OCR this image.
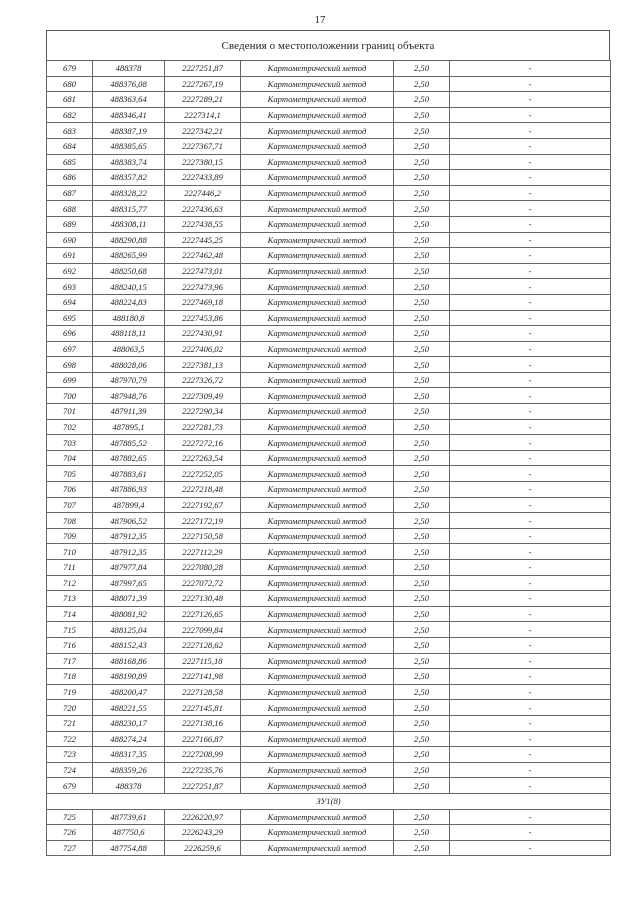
17
Сведения о местоположении границ объекта
679	488378	2227251,87	Картометрический метод	2,50	-
680	488376,08	2227267,19	Картометрический метод	2,50	-
681	488363,64	2227289,21	Картометрический метод	2,50	-
682	488346,41	2227314,1	Картометрический метод	2,50	-
683	488387,19	2227342,21	Картометрический метод	2,50	-
684	488385,65	2227367,71	Картометрический метод	2,50	-
685	488383,74	2227380,15	Картометрический метод	2,50	-
686	488357,82	2227433,89	Картометрический метод	2,50	-
687	488328,22	2227446,2	Картометрический метод	2,50	-
688	488315,77	2227436,63	Картометрический метод	2,50	-
689	488308,11	2227438,55	Картометрический метод	2,50	-
690	488290,88	2227445,25	Картометрический метод	2,50	-
691	488265,99	2227462,48	Картометрический метод	2,50	-
692	488250,68	2227473,01	Картометрический метод	2,50	-
693	488240,15	2227473,96	Картометрический метод	2,50	-
694	488224,83	2227469,18	Картометрический метод	2,50	-
695	488180,8	2227453,86	Картометрический метод	2,50	-
696	488118,11	2227430,91	Картометрический метод	2,50	-
697	488063,5	2227406,02	Картометрический метод	2,50	-
698	488028,06	2227381,13	Картометрический метод	2,50	-
699	487970,79	2227326,72	Картометрический метод	2,50	-
700	487948,76	2227309,49	Картометрический метод	2,50	-
701	487911,39	2227290,34	Картометрический метод	2,50	-
702	487895,1	2227281,73	Картометрический метод	2,50	-
703	487885,52	2227272,16	Картометрический метод	2,50	-
704	487882,65	2227263,54	Картометрический метод	2,50	-
705	487883,61	2227252,05	Картометрический метод	2,50	-
706	487886,93	2227218,48	Картометрический метод	2,50	-
707	487899,4	2227192,67	Картометрический метод	2,50	-
708	487906,52	2227172,19	Картометрический метод	2,50	-
709	487912,35	2227150,58	Картометрический метод	2,50	-
710	487912,35	2227112,29	Картометрический метод	2,50	-
711	487977,84	2227080,28	Картометрический метод	2,50	-
712	487997,65	2227072,72	Картометрический метод	2,50	-
713	488071,39	2227130,48	Картометрический метод	2,50	-
714	488081,92	2227126,65	Картометрический метод	2,50	-
715	488125,04	2227099,84	Картометрический метод	2,50	-
716	488152,43	2227128,62	Картометрический метод	2,50	-
717	488168,86	2227115,18	Картометрический метод	2,50	-
718	488190,89	2227141,98	Картометрический метод	2,50	-
719	488200,47	2227128,58	Картометрический метод	2,50	-
720	488221,55	2227145,81	Картометрический метод	2,50	-
721	488230,17	2227138,16	Картометрический метод	2,50	-
722	488274,24	2227166,87	Картометрический метод	2,50	-
723	488317,35	2227208,99	Картометрический метод	2,50	-
724	488359,26	2227235,76	Картометрический метод	2,50	-
679	488378	2227251,87	Картометрический метод	2,50	-
ЗУ1(8)					
725	487739,61	2226220,97	Картометрический метод	2,50	-
726	487750,6	2226243,29	Картометрический метод	2,50	-
727	487754,88	2226259,6	Картометрический метод	2,50	-
